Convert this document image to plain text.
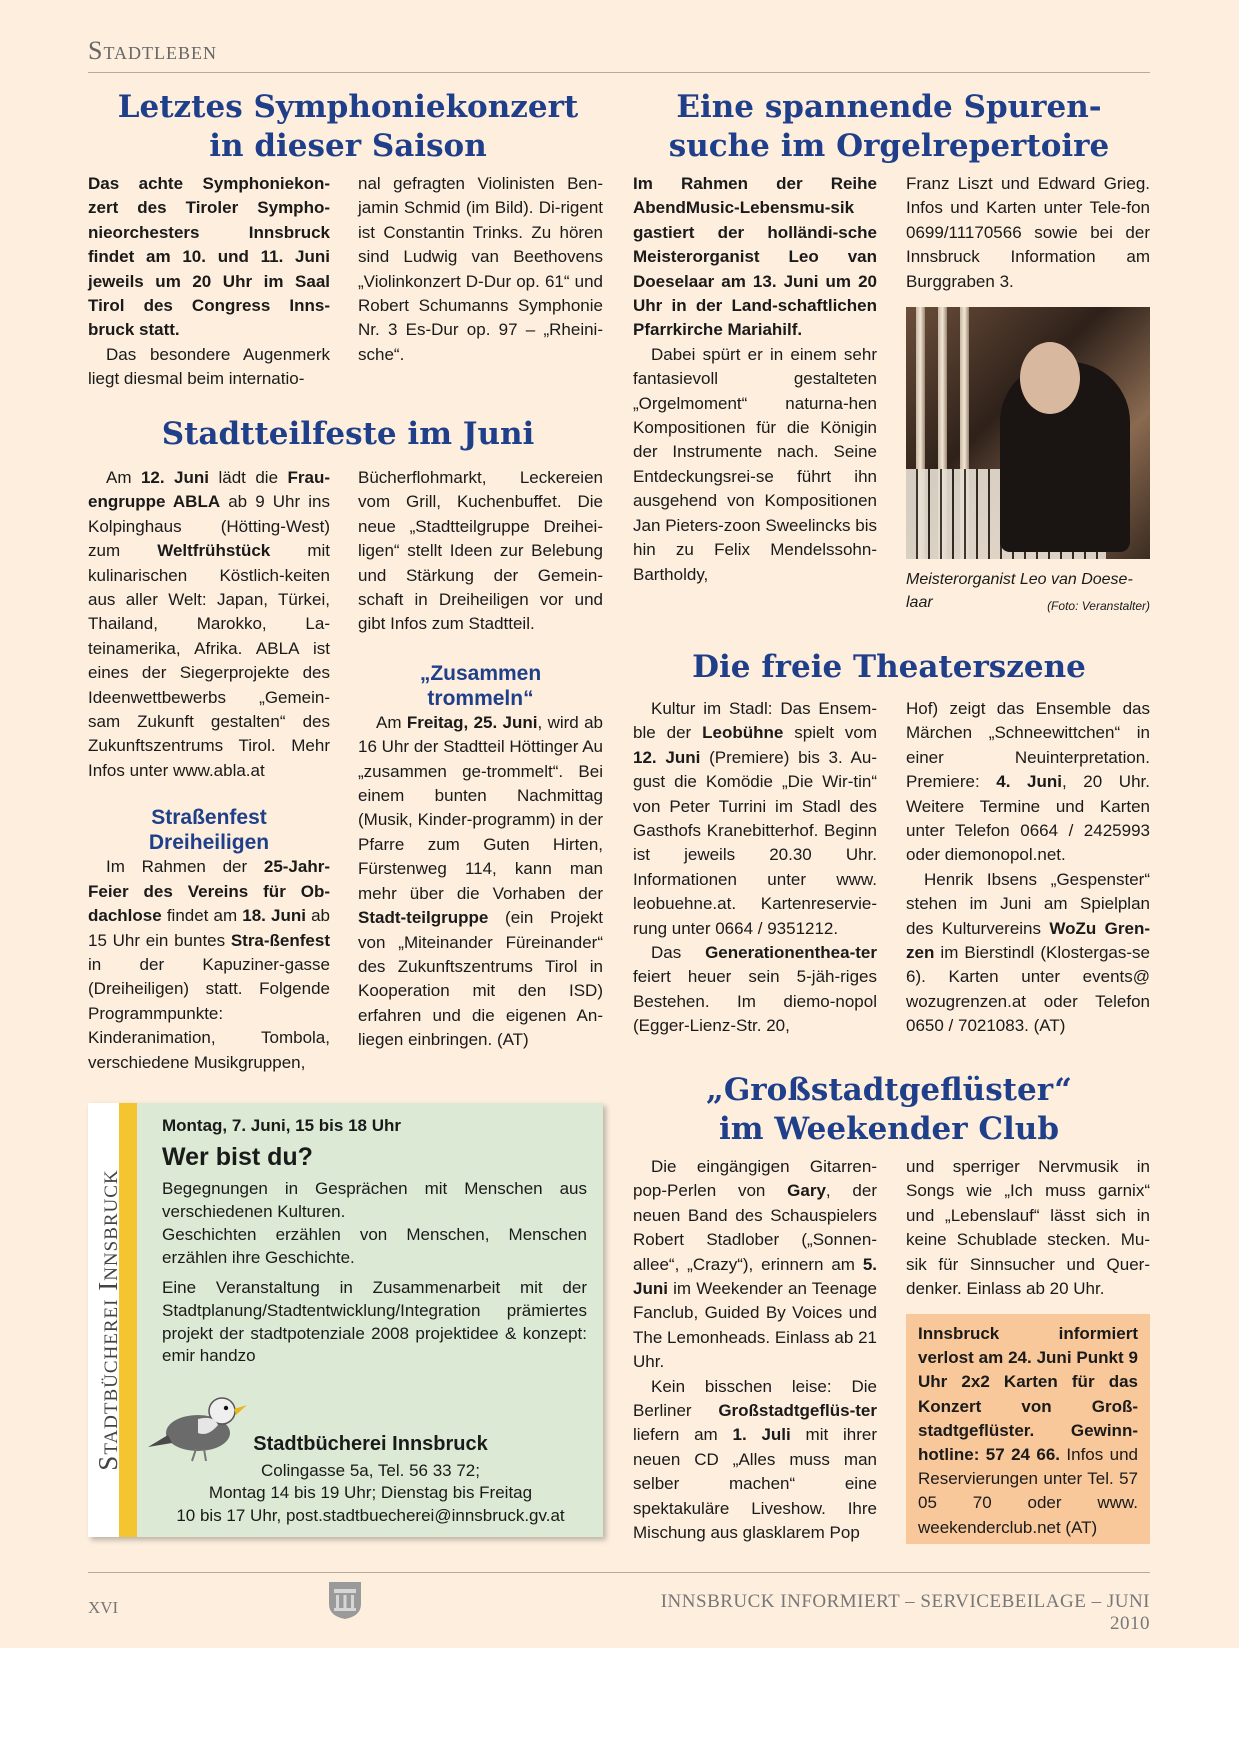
Stadtleben
Letztes Symphoniekonzert
in dieser Saison

Das achte Symphoniekon-zert des Tiroler Sympho-nieorchesters Innsbruck findet am 10. und 11. Juni jeweils um 20 Uhr im Saal Tirol des Congress Inns-bruck statt.

Das besondere Augenmerk liegt diesmal beim internatio-

nal gefragten Violinisten Ben-jamin Schmid (im Bild). Di-rigent ist Constantin Trinks. Zu hören sind Ludwig van Beethovens „Violinkonzert D-Dur op. 61“ und Robert Schumanns Symphonie Nr. 3 Es-Dur op. 97 – „Rheini-sche“.

Stadtteilfeste im Juni

Am 12. Juni lädt die Frau-engruppe ABLA ab 9 Uhr ins Kolpinghaus (Hötting-West) zum Weltfrühstück mit kulinarischen Köstlich-keiten aus aller Welt: Japan, Türkei, Thailand, Marokko, La-teinamerika, Afrika. ABLA ist eines der Siegerprojekte des Ideenwettbewerbs „Gemein-sam Zukunft gestalten“ des Zukunftszentrums Tirol. Mehr Infos unter www.abla.at

Straßenfest
Dreiheiligen

Im Rahmen der 25-Jahr-Feier des Vereins für Ob-dachlose findet am 18. Juni ab 15 Uhr ein buntes Stra-ßenfest in der Kapuziner-gasse (Dreiheiligen) statt. Folgende Programmpunkte: Kinderanimation, Tombola, verschiedene Musikgruppen,

Bücherflohmarkt, Leckereien vom Grill, Kuchenbuffet. Die neue „Stadtteilgruppe Dreihei-ligen“ stellt Ideen zur Belebung und Stärkung der Gemein-schaft in Dreiheiligen vor und gibt Infos zum Stadtteil.

„Zusammen
trommeln“

Am Freitag, 25. Juni, wird ab 16 Uhr der Stadtteil Höttinger Au „zusammen ge-trommelt“. Bei einem bunten Nachmittag (Musik, Kinder-programm) in der Pfarre zum Guten Hirten, Fürstenweg 114, kann man mehr über die Vorhaben der Stadt-teilgruppe (ein Projekt von „Miteinander Füreinander“ des Zukunftszentrums Tirol in Kooperation mit den ISD) erfahren und die eigenen An-liegen einbringen. (AT)

Stadtbücherei Innsbruck
Montag, 7. Juni, 15 bis 18 Uhr
Wer bist du?

Begegnungen in Gesprächen mit Menschen aus verschiedenen Kulturen.

Geschichten erzählen von Menschen, Menschen erzählen ihre Geschichte.

Eine Veranstaltung in Zusammenarbeit mit der Stadtplanung/Stadtentwicklung/Integration prämiertes projekt der stadtpotenziale 2008 projektidee & konzept: emir handzo

Stadtbücherei Innsbruck
Colingasse 5a, Tel. 56 33 72;
Montag 14 bis 19 Uhr; Dienstag bis Freitag
10 bis 17 Uhr, post.stadtbuecherei@innsbruck.gv.at
Eine spannende Spuren-
suche im Orgelrepertoire

Im Rahmen der Reihe AbendMusic-Lebensmu-sik gastiert der holländi-sche Meisterorganist Leo van Doeselaar am 13. Juni um 20 Uhr in der Land-schaftlichen Pfarrkirche Mariahilf.

Dabei spürt er in einem sehr fantasievoll gestalteten „Orgelmoment“ naturna-hen Kompositionen für die Königin der Instrumente nach. Seine Entdeckungsrei-se führt ihn ausgehend von Kompositionen Jan Pieters-zoon Sweelincks bis hin zu Felix Mendelssohn-Bartholdy,

Franz Liszt und Edward Grieg. Infos und Karten unter Tele-fon 0699/11170566 sowie bei der Innsbruck Information am Burggraben 3.

Meisterorganist Leo van Doese-laar	(Foto: Veranstalter)
Die freie Theaterszene

Kultur im Stadl: Das Ensem-ble der Leobühne spielt vom 12. Juni (Premiere) bis 3. Au-gust die Komödie „Die Wir-tin“ von Peter Turrini im Stadl des Gasthofs Kranebitterhof. Beginn ist jeweils 20.30 Uhr. Informationen unter www. leobuehne.at. Kartenreservie-rung unter 0664 / 9351212.

Das Generationenthea-ter feiert heuer sein 5-jäh-riges Bestehen. Im diemo-nopol (Egger-Lienz-Str. 20,

Hof) zeigt das Ensemble das Märchen „Schneewittchen“ in einer Neuinterpretation. Premiere: 4. Juni, 20 Uhr. Weitere Termine und Karten unter Telefon 0664 / 2425993 oder diemonopol.net.

Henrik Ibsens „Gespenster“ stehen im Juni am Spielplan des Kulturvereins WoZu Gren-zen im Bierstindl (Klostergas-se 6). Karten unter events@ wozugrenzen.at oder Telefon 0650 / 7021083. (AT)

„Großstadtgeflüster“
im Weekender Club

Die eingängigen Gitarren-pop-Perlen von Gary, der neuen Band des Schauspielers Robert Stadlober („Sonnen-allee“, „Crazy“), erinnern am 5. Juni im Weekender an Teenage Fanclub, Guided By Voices und The Lemonheads. Einlass ab 21 Uhr.

Kein bisschen leise: Die Berliner Großstadtgeflüs-ter liefern am 1. Juli mit ihrer neuen CD „Alles muss man selber machen“ eine spektakuläre Liveshow. Ihre Mischung aus glasklarem Pop

und sperriger Nervmusik in Songs wie „Ich muss garnix“ und „Lebenslauf“ lässt sich in keine Schublade stecken. Mu-sik für Sinnsucher und Quer-denker. Einlass ab 20 Uhr.

Innsbruck informiert verlost am 24. Juni Punkt 9 Uhr 2x2 Karten für das Konzert von Groß-stadtgeflüster. Gewinn-hotline: 57 24 66. Infos und Reservierungen unter Tel. 57 05 70 oder www. weekenderclub.net (AT)

XVI	INNSBRUCK INFORMIERT – SERVICEBEILAGE – JUNI 2010
